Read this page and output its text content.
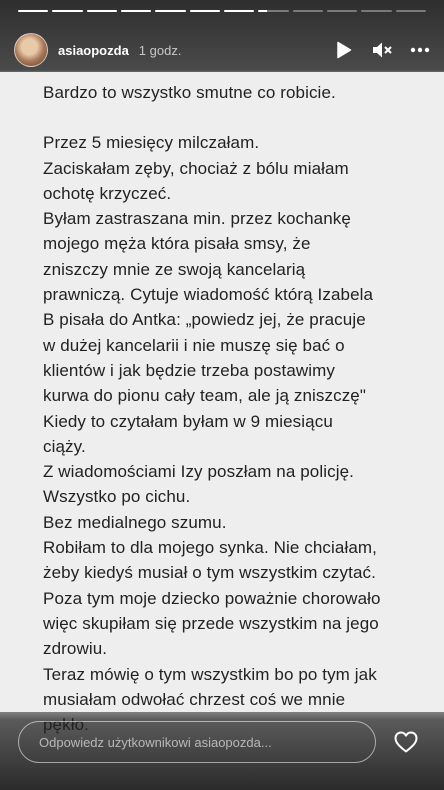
asiaopozda 1 godz.

Bardzo to wszystko smutne co robicie.

Przez 5 miesięcy milczałam.

Zaciskałam zęby, chociaż z bólu miałam

ochotę krzyczeć.

Byłam zastraszana min. przez kochankę

mojego męża która pisała smsy, że

zniszczy mnie ze swoją kancelarią

prawniczą. Cytuje wiadomość którą Izabela

B pisała do Antka: „powiedz jej, że pracuje

w dużej kancelarii i nie muszę się bać o

klientów i jak będzie trzeba postawimy

kurwa do pionu cały team, ale ją zniszczę"

Kiedy to czytałam byłam w 9 miesiącu

ciąży.

Z wiadomościami Izy poszłam na policję.

Wszystko po cichu.

Bez medialnego szumu.

Robiłam to dla mojego synka. Nie chciałam,

żeby kiedyś musiał o tym wszystkim czytać.

Poza tym moje dziecko poważnie chorowało

więc skupiłam się przede wszystkim na jego

zdrowiu.

Teraz mówię o tym wszystkim bo po tym jak

musiałam odwołać chrzest coś we mnie

pękło.

Odpowiedz użytkownikowi asiaopozda...
